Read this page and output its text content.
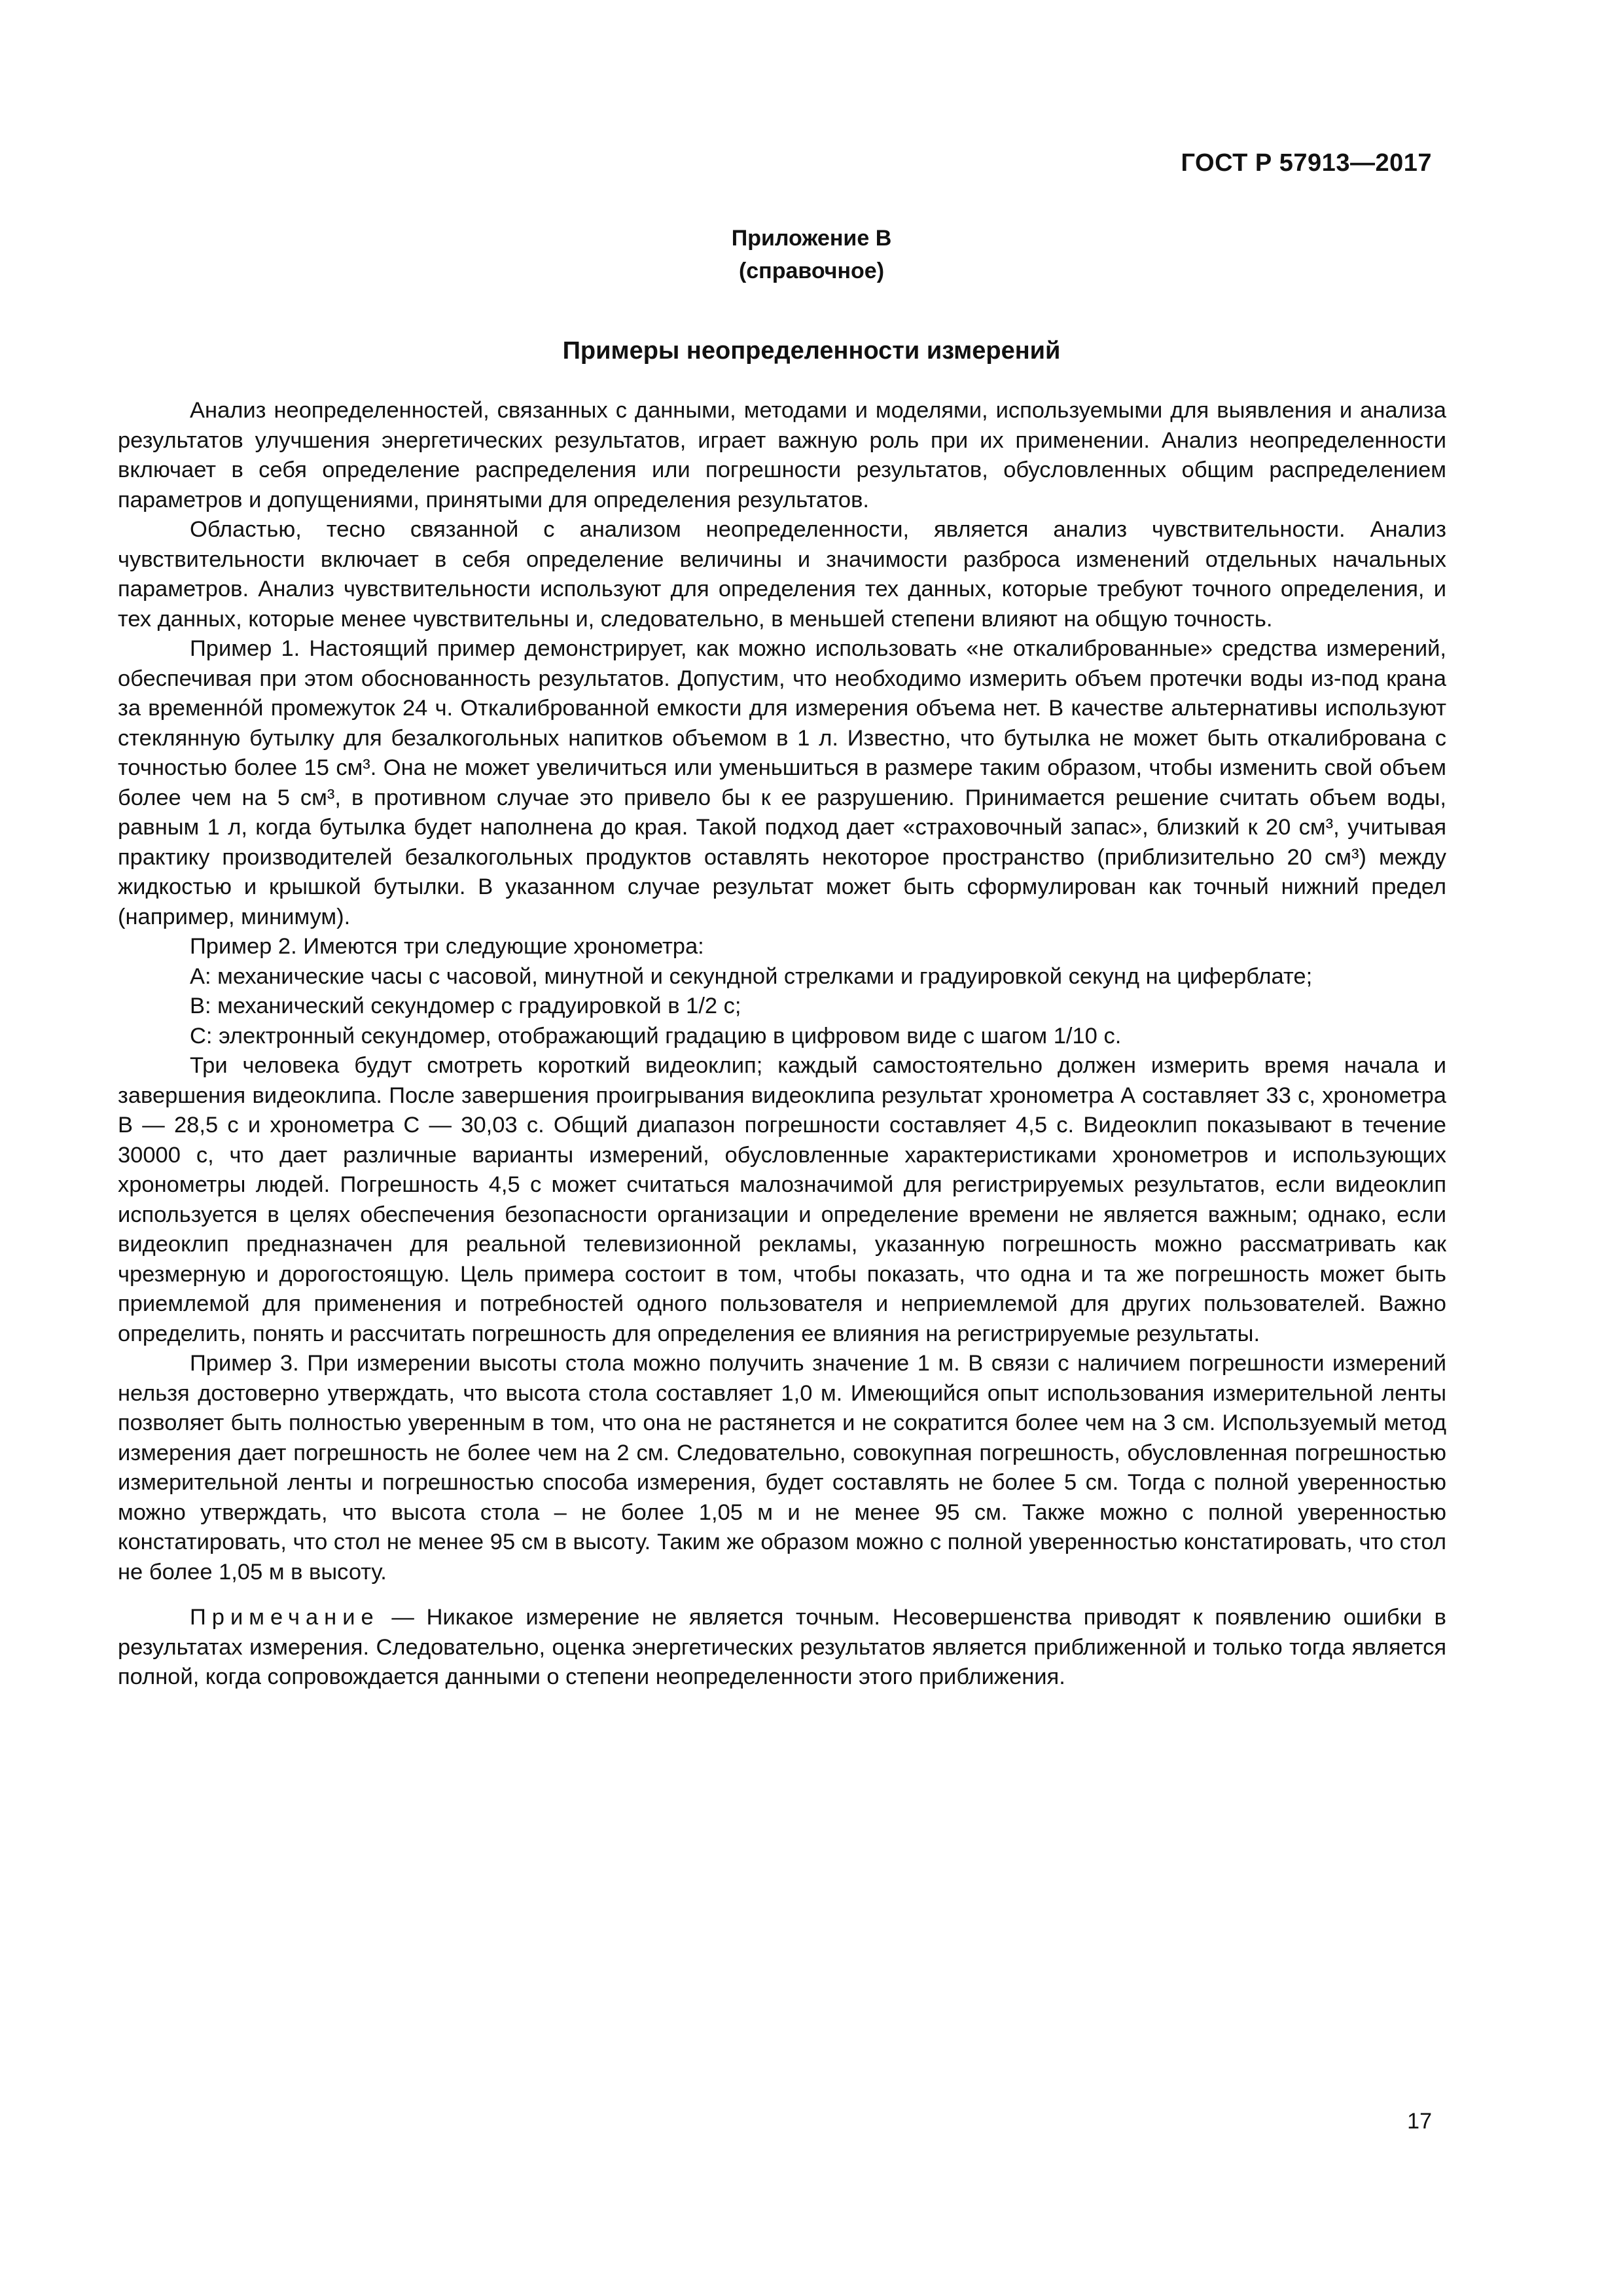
ГОСТ Р 57913—2017
Приложение В
(справочное)
Примеры неопределенности измерений

Анализ неопределенностей, связанных с данными, методами и моделями, используемыми для выявления и анализа результатов улучшения энергетических результатов, играет важную роль при их применении. Анализ неопределенности включает в себя определение распределения или погрешности результатов, обусловленных общим распределением параметров и допущениями, принятыми для определения результатов.

Областью, тесно связанной с анализом неопределенности, является анализ чувствительности. Анализ чувствительности включает в себя определение величины и значимости разброса изменений отдельных начальных параметров. Анализ чувствительности используют для определения тех данных, которые требуют точного определения, и тех данных, которые менее чувствительны и, следовательно, в меньшей степени влияют на общую точность.

Пример 1. Настоящий пример демонстрирует, как можно использовать «не откалиброванные» средства измерений, обеспечивая при этом обоснованность результатов. Допустим, что необходимо измерить объем протечки воды из-под крана за временнóй промежуток 24 ч. Откалиброванной емкости для измерения объема нет. В качестве альтернативы используют стеклянную бутылку для безалкогольных напитков объемом в 1 л. Известно, что бутылка не может быть откалибрована с точностью более 15 см³. Она не может увеличиться или уменьшиться в размере таким образом, чтобы изменить свой объем более чем на 5 см³, в противном случае это привело бы к ее разрушению. Принимается решение считать объем воды, равным 1 л, когда бутылка будет наполнена до края. Такой подход дает «страховочный запас», близкий к 20 см³, учитывая практику производителей безалкогольных продуктов оставлять некоторое пространство (приблизительно 20 см³) между жидкостью и крышкой бутылки. В указанном случае результат может быть сформулирован как точный нижний предел (например, минимум).

Пример 2. Имеются три следующие хронометра:

А: механические часы с часовой, минутной и секундной стрелками и градуировкой секунд на циферблате;

В: механический секундомер с градуировкой в 1/2 с;

С: электронный секундомер, отображающий градацию в цифровом виде с шагом 1/10 с.

Три человека будут смотреть короткий видеоклип; каждый самостоятельно должен измерить время начала и завершения видеоклипа. После завершения проигрывания видеоклипа результат хронометра А составляет 33 с, хронометра В — 28,5 с и хронометра С — 30,03 с. Общий диапазон погрешности составляет 4,5 с. Видеоклип показывают в течение 30000 с, что дает различные варианты измерений, обусловленные характеристиками хронометров и использующих хронометры людей. Погрешность 4,5 с может считаться малозначимой для регистрируемых результатов, если видеоклип используется в целях обеспечения безопасности организации и определение времени не является важным; однако, если видеоклип предназначен для реальной телевизионной рекламы, указанную погрешность можно рассматривать как чрезмерную и дорогостоящую. Цель примера состоит в том, чтобы показать, что одна и та же погрешность может быть приемлемой для применения и потребностей одного пользователя и неприемлемой для других пользователей. Важно определить, понять и рассчитать погрешность для определения ее влияния на регистрируемые результаты.

Пример 3. При измерении высоты стола можно получить значение 1 м. В связи с наличием погрешности измерений нельзя достоверно утверждать, что высота стола составляет 1,0 м. Имеющийся опыт использования измерительной ленты позволяет быть полностью уверенным в том, что она не растянется и не сократится более чем на 3 см. Используемый метод измерения дает погрешность не более чем на 2 см. Следовательно, совокупная погрешность, обусловленная погрешностью измерительной ленты и погрешностью способа измерения, будет составлять не более 5 см. Тогда с полной уверенностью можно утверждать, что высота стола – не более 1,05 м и не менее 95 см. Также можно с полной уверенностью констатировать, что стол не менее 95 см в высоту. Таким же образом можно с полной уверенностью констатировать, что стол не более 1,05 м в высоту.

Примечание — Никакое измерение не является точным. Несовершенства приводят к появлению ошибки в результатах измерения. Следовательно, оценка энергетических результатов является приближенной и только тогда является полной, когда сопровождается данными о степени неопределенности этого приближения.

17
